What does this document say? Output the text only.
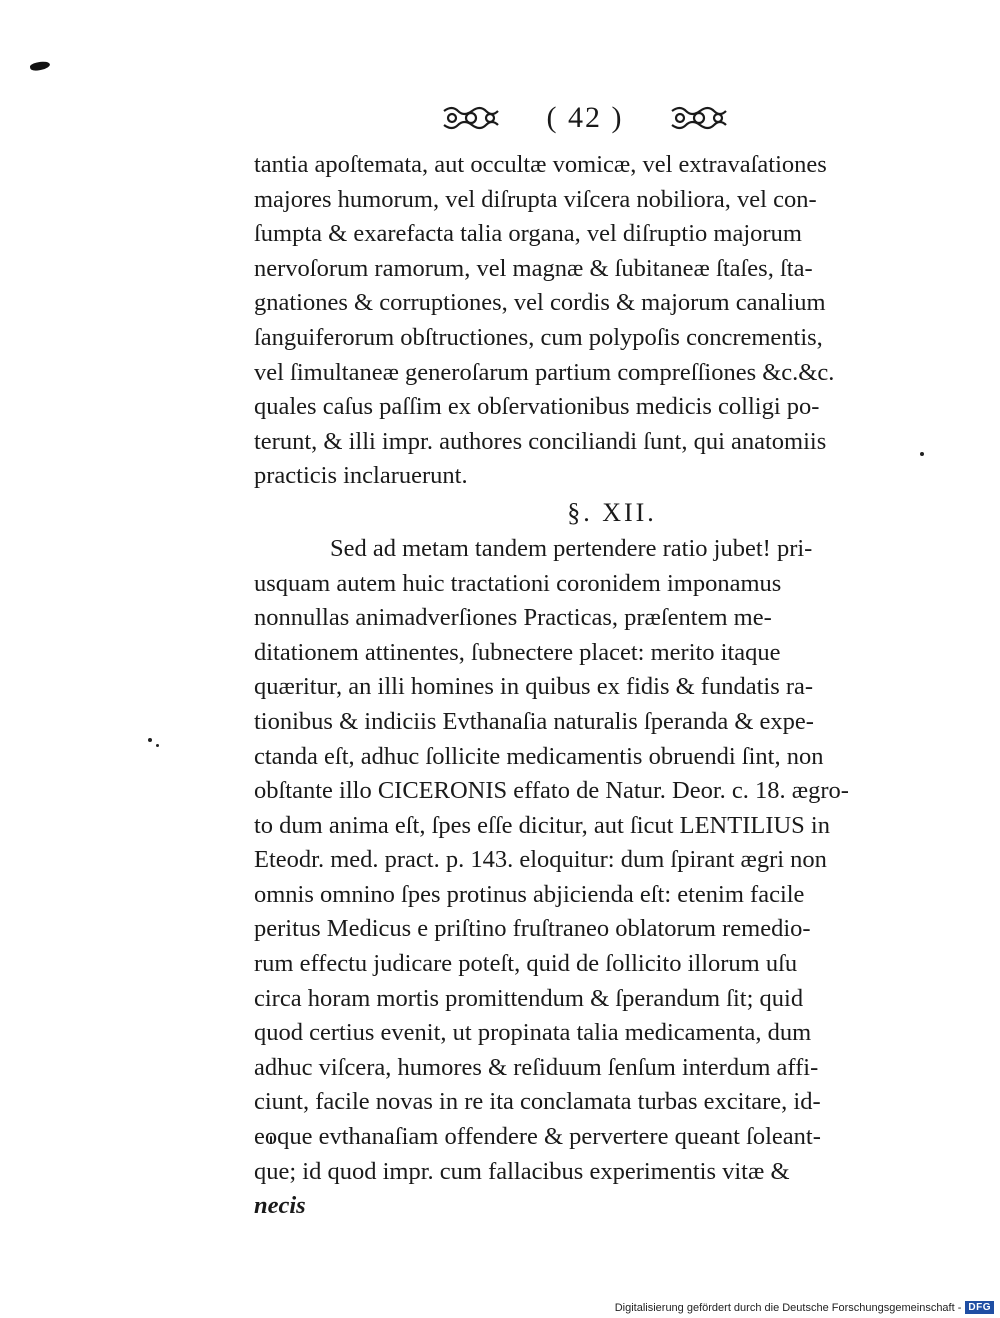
( 42 )
tantia apoſtemata, aut occultæ vomicæ, vel extravaſationes
majores humorum, vel diſrupta viſcera nobiliora, vel con-
ſumpta & exarefacta talia organa, vel diſruptio majorum
nervoſorum ramorum, vel magnæ & ſubitaneæ ſtaſes, ſta-
gnationes & corruptiones, vel cordis & majorum canalium
ſanguiferorum obſtructiones, cum polypoſis concrementis,
vel ſimultaneæ generoſarum partium compreſſiones &c.&c.
quales caſus paſſim ex obſervationibus medicis colligi po-
terunt, & illi impr. authores conciliandi ſunt, qui anatomiis
practicis inclaruerunt.

§. XII.

Sed ad metam tandem pertendere ratio jubet! pri-
usquam autem huic tractationi coronidem imponamus
nonnullas animadverſiones Practicas, præſentem me-
ditationem attinentes, ſubnectere placet: merito itaque
quæritur, an illi homines in quibus ex fidis & fundatis ra-
tionibus & indiciis Evthanaſia naturalis ſperanda & expe-
ctanda eſt, adhuc ſollicite medicamentis obruendi ſint, non
obſtante illo CICERONIS effato de Natur. Deor. c. 18. ægro-
to dum anima eſt, ſpes eſſe dicitur, aut ſicut LENTILIUS in
Eteodr. med. pract. p. 143. eloquitur: dum ſpirant ægri non
omnis omnino ſpes protinus abjicienda eſt: etenim facile
peritus Medicus e priſtino fruſtraneo oblatorum remedio-
rum effectu judicare poteſt, quid de ſollicito illorum uſu
circa horam mortis promittendum & ſperandum ſit; quid
quod certius evenit, ut propinata talia medicamenta, dum
adhuc viſcera, humores & reſiduum ſenſum interdum affi-
ciunt, facile novas in re ita conclamata turbas excitare, id-
eoque evthanaſiam offendere & pervertere queant ſoleant-
que; id quod impr. cum fallacibus experimentis vitæ &
necis
Digitalisierung gefördert durch die Deutsche Forschungsgemeinschaft - DFG
